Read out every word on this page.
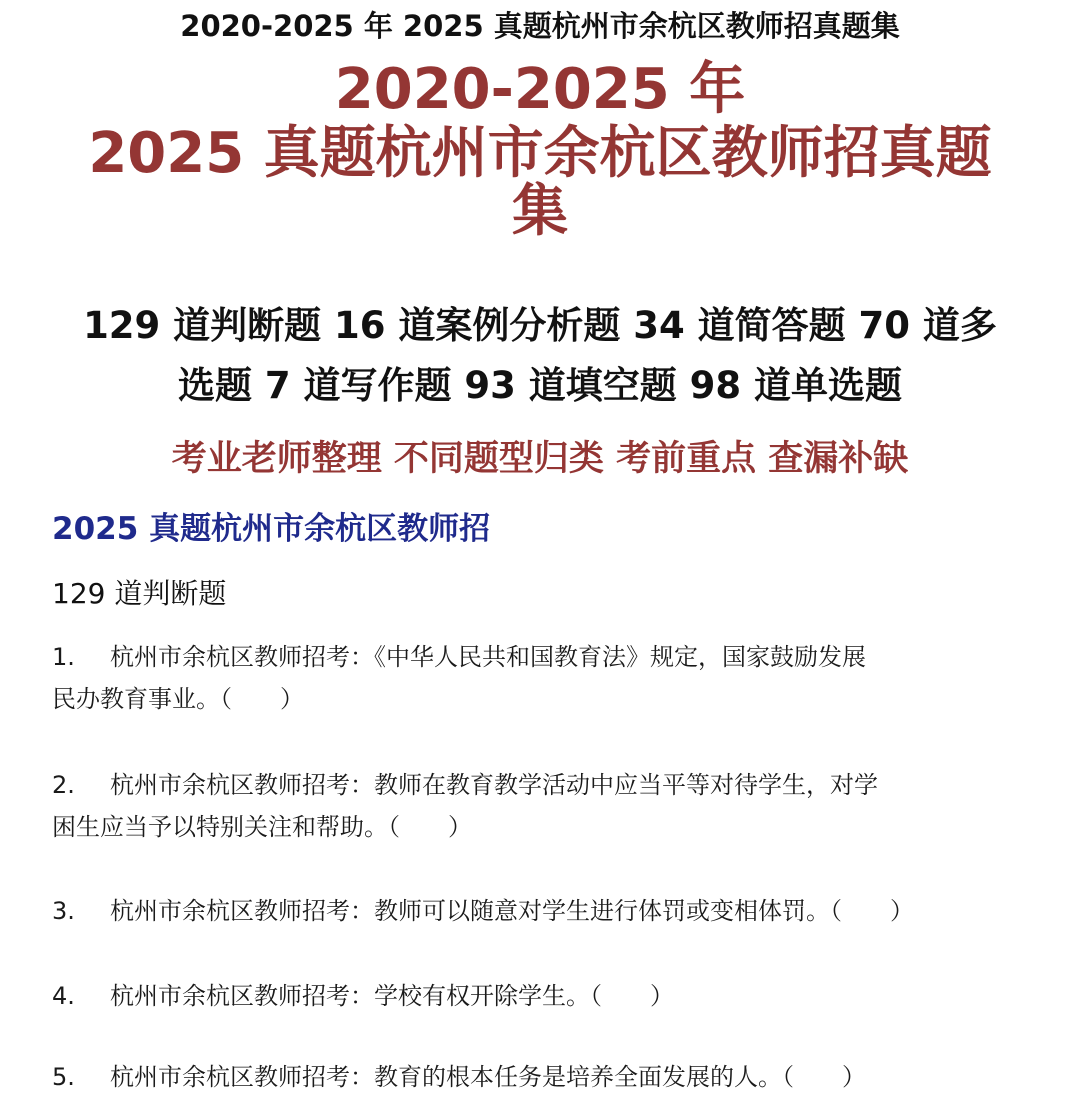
2020-2025 年 2025 真题杭州市余杭区教师招真题集
2020-2025 年
2025 真题杭州市余杭区教师招真题
集
129 道判断题 16 道案例分析题 34 道简答题 70 道多
选题 7 道写作题 93 道填空题 98 道单选题
考业老师整理 不同题型归类 考前重点 查漏补缺
2025 真题杭州市余杭区教师招
129 道判断题
1. 杭州市余杭区教师招考：《中华人民共和国教育法》规定，国家鼓励发展
民办教育事业。（　　）
2. 杭州市余杭区教师招考：教师在教育教学活动中应当平等对待学生，对学
困生应当予以特别关注和帮助。（　　）
3. 杭州市余杭区教师招考：教师可以随意对学生进行体罚或变相体罚。（　　）
4. 杭州市余杭区教师招考：学校有权开除学生。（　　）
5. 杭州市余杭区教师招考：教育的根本任务是培养全面发展的人。（　　）
